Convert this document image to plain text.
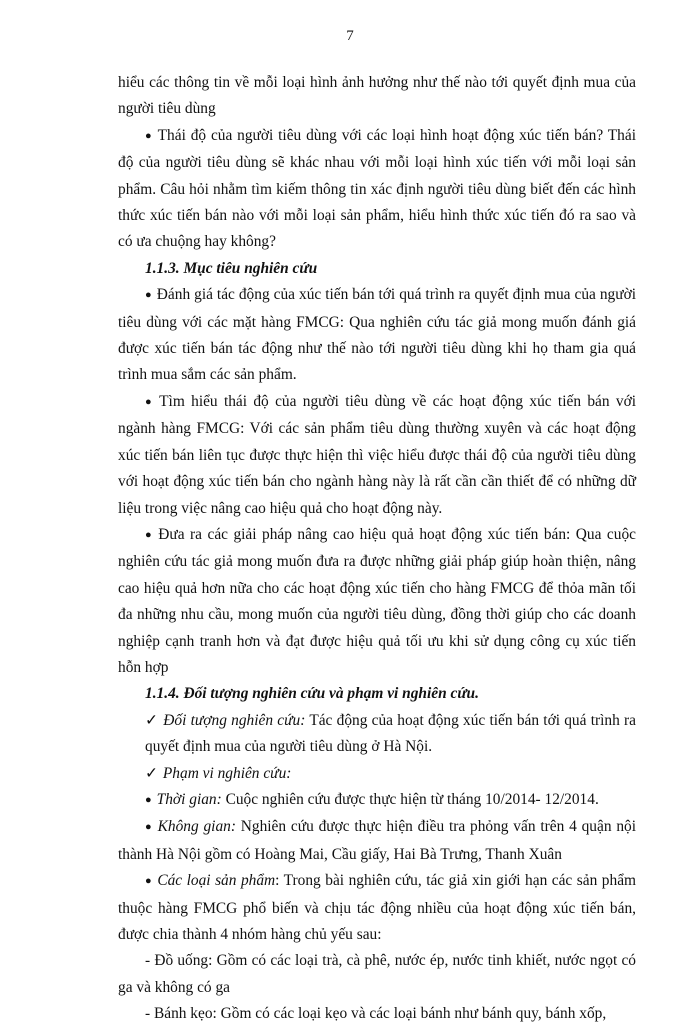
7

hiểu các thông tin về mỗi loại hình ảnh hưởng như thế nào tới quyết định mua của người tiêu dùng

● Thái độ của người tiêu dùng với các loại hình hoạt động xúc tiến bán? Thái độ của người tiêu dùng sẽ khác nhau với mỗi loại hình xúc tiến với mỗi loại sản phẩm. Câu hỏi nhằm tìm kiếm thông tin xác định người tiêu dùng biết đến các hình thức xúc tiến bán nào với mỗi loại sản phẩm, hiểu hình thức xúc tiến đó ra sao và có ưa chuộng hay không?

1.1.3. Mục tiêu nghiên cứu

● Đánh giá tác động của xúc tiến bán tới quá trình ra quyết định mua của người tiêu dùng với các mặt hàng FMCG: Qua nghiên cứu tác giả mong muốn đánh giá được xúc tiến bán tác động như thế nào tới người tiêu dùng khi họ tham gia quá trình mua sắm các sản phẩm.

● Tìm hiểu thái độ của người tiêu dùng về các hoạt động xúc tiến bán với ngành hàng FMCG: Với các sản phẩm tiêu dùng thường xuyên và các hoạt động xúc tiến bán liên tục được thực hiện thì việc hiểu được thái độ của người tiêu dùng với hoạt động xúc tiến bán cho ngành hàng này là rất cần cần thiết để có những dữ liệu trong việc nâng cao hiệu quả cho hoạt động này.

● Đưa ra các giải pháp nâng cao hiệu quả hoạt động xúc tiến bán: Qua cuộc nghiên cứu tác giả mong muốn đưa ra được những giải pháp giúp hoàn thiện, nâng cao hiệu quả hơn nữa cho các hoạt động xúc tiến cho hàng FMCG để thỏa mãn tối đa những nhu cầu, mong muốn của người tiêu dùng, đồng thời giúp cho các doanh nghiệp cạnh tranh hơn và đạt được hiệu quả tối ưu khi sử dụng công cụ xúc tiến hỗn hợp

1.1.4. Đối tượng nghiên cứu và phạm vi nghiên cứu.

✓ Đối tượng nghiên cứu: Tác động của hoạt động xúc tiến bán tới quá trình ra quyết định mua của người tiêu dùng ở Hà Nội.

✓ Phạm vi nghiên cứu:

● Thời gian: Cuộc nghiên cứu được thực hiện từ tháng 10/2014- 12/2014.

● Không gian: Nghiên cứu được thực hiện điều tra phỏng vấn trên 4 quận nội thành Hà Nội gồm có Hoàng Mai, Cầu giấy, Hai Bà Trưng, Thanh Xuân

● Các loại sản phẩm: Trong bài nghiên cứu, tác giả xin giới hạn các sản phẩm thuộc hàng FMCG phổ biến và chịu tác động nhiều của hoạt động xúc tiến bán, được chia thành 4 nhóm hàng chủ yếu sau:

- Đồ uống: Gồm có các loại trà, cà phê, nước ép, nước tinh khiết, nước ngọt có ga và không có ga

- Bánh kẹo: Gồm có các loại kẹo và các loại bánh như bánh quy, bánh xốp,
